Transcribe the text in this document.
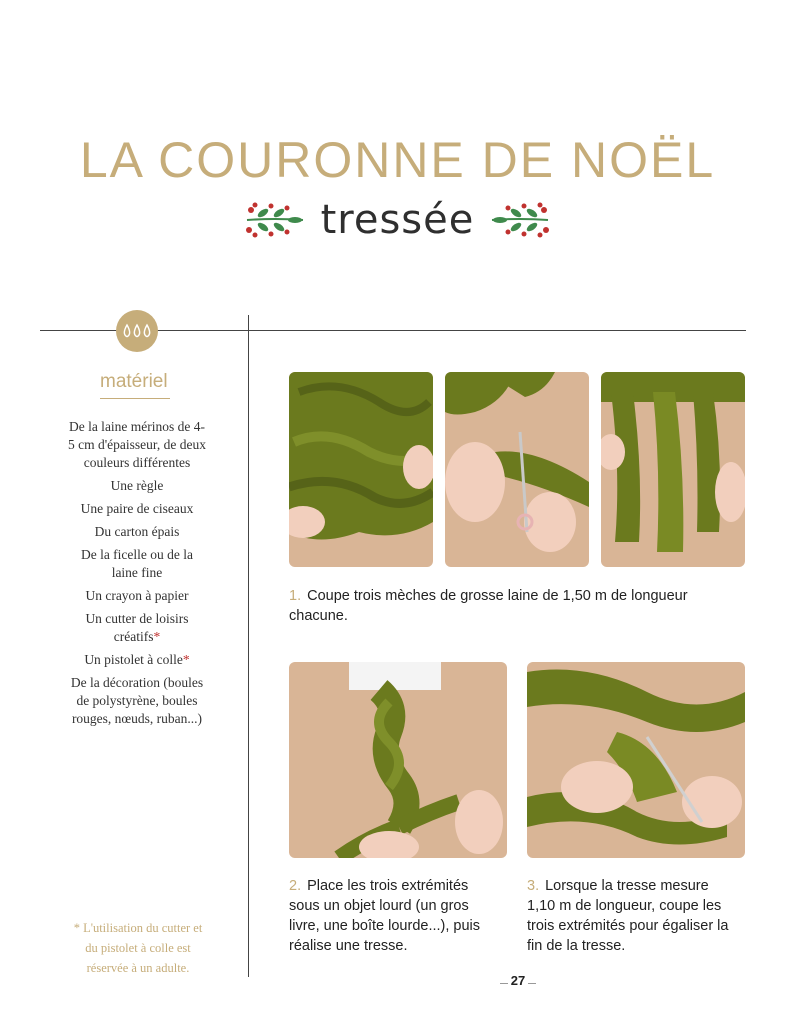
LA COURONNE DE NOËL
tressée
matériel
De la laine mérinos de 4-5 cm d'épaisseur, de deux couleurs différentes
Une règle
Une paire de ciseaux
Du carton épais
De la ficelle ou de la laine fine
Un crayon à papier
Un cutter de loisirs créatifs*
Un pistolet à colle*
De la décoration (boules de polystyrène, boules rouges, nœuds, ruban...)
* L'utilisation du cutter et du pistolet à colle est réservée à un adulte.
1. Coupe trois mèches de grosse laine de 1,50 m de longueur chacune.
2. Place les trois extrémités sous un objet lourd (un gros livre, une boîte lourde...), puis réalise une tresse.
3. Lorsque la tresse mesure 1,10 m de longueur, coupe les trois extrémités pour égaliser la fin de la tresse.
27
